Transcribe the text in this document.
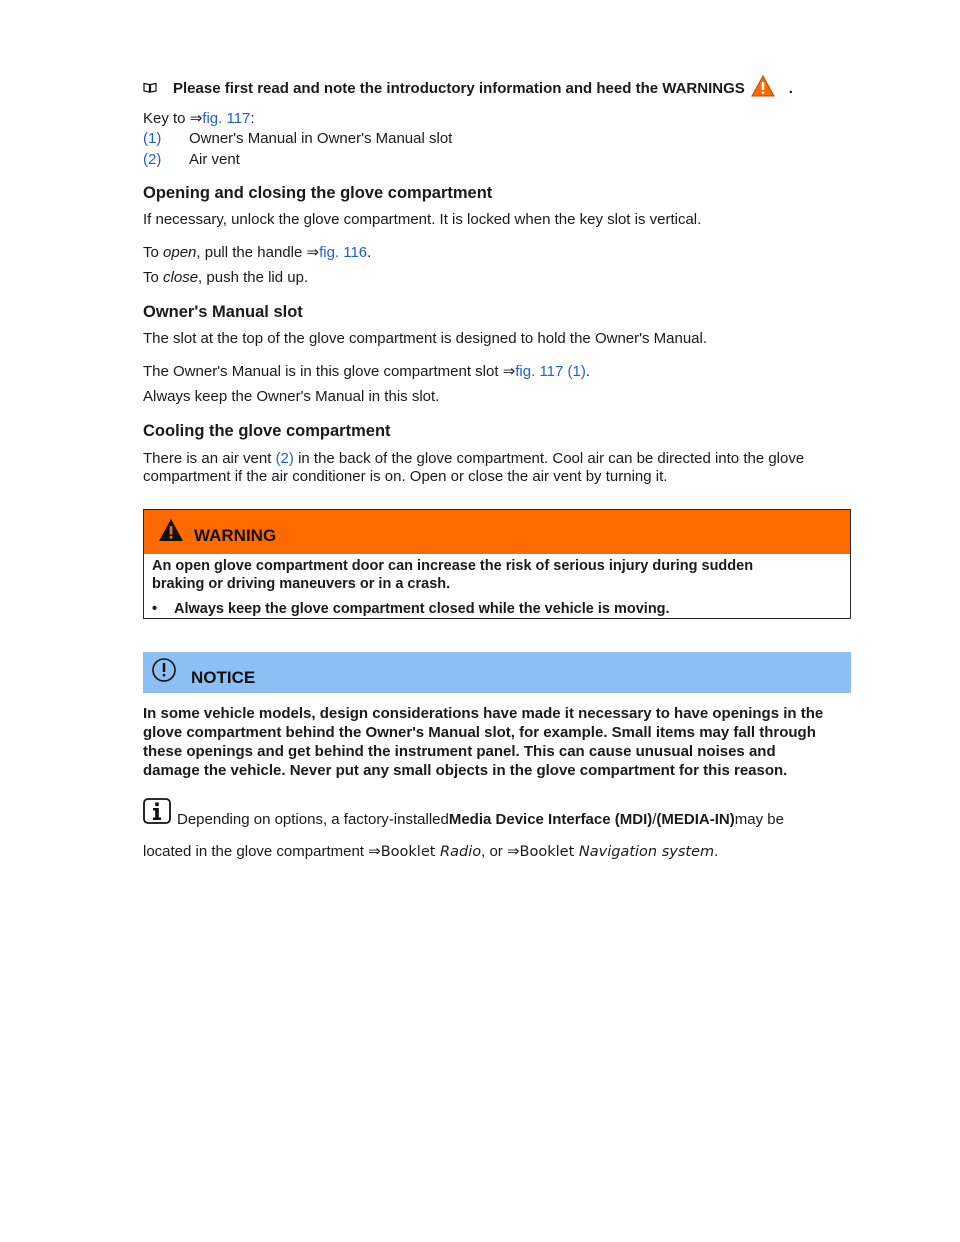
Please first read and note the introductory information and heed the WARNINGS	.

Key to ⇒fig. 117:

(1)	Owner's Manual in Owner's Manual slot
(2)	Air vent

Opening and closing the glove compartment

If necessary, unlock the glove compartment. It is locked when the key slot is vertical.

To open, pull the handle ⇒fig. 116.

To close, push the lid up.

Owner's Manual slot

The slot at the top of the glove compartment is designed to hold the Owner's Manual.

The Owner's Manual is in this glove compartment slot ⇒fig. 117 (1).

Always keep the Owner's Manual in this slot.

Cooling the glove compartment

There is an air vent (2) in the back of the glove compartment. Cool air can be directed into the glove

compartment if the air conditioner is on. Open or close the air vent by turning it.

WARNING
An open glove compartment door can increase the risk of serious injury during sudden
braking or driving maneuvers or in a crash.
•	Always keep the glove compartment closed while the vehicle is moving.
NOTICE
In some vehicle models, design considerations have made it necessary to have openings in the
glove compartment behind the Owner's Manual slot, for example. Small items may fall through
these openings and get behind the instrument panel. This can cause unusual noises and
damage the vehicle. Never put any small objects in the glove compartment for this reason.
Depending on options, a factory-installed Media Device Interface (MDI) / (MEDIA-IN) may be
located in the glove compartment ⇒Booklet Radio, or ⇒Booklet Navigation system.
